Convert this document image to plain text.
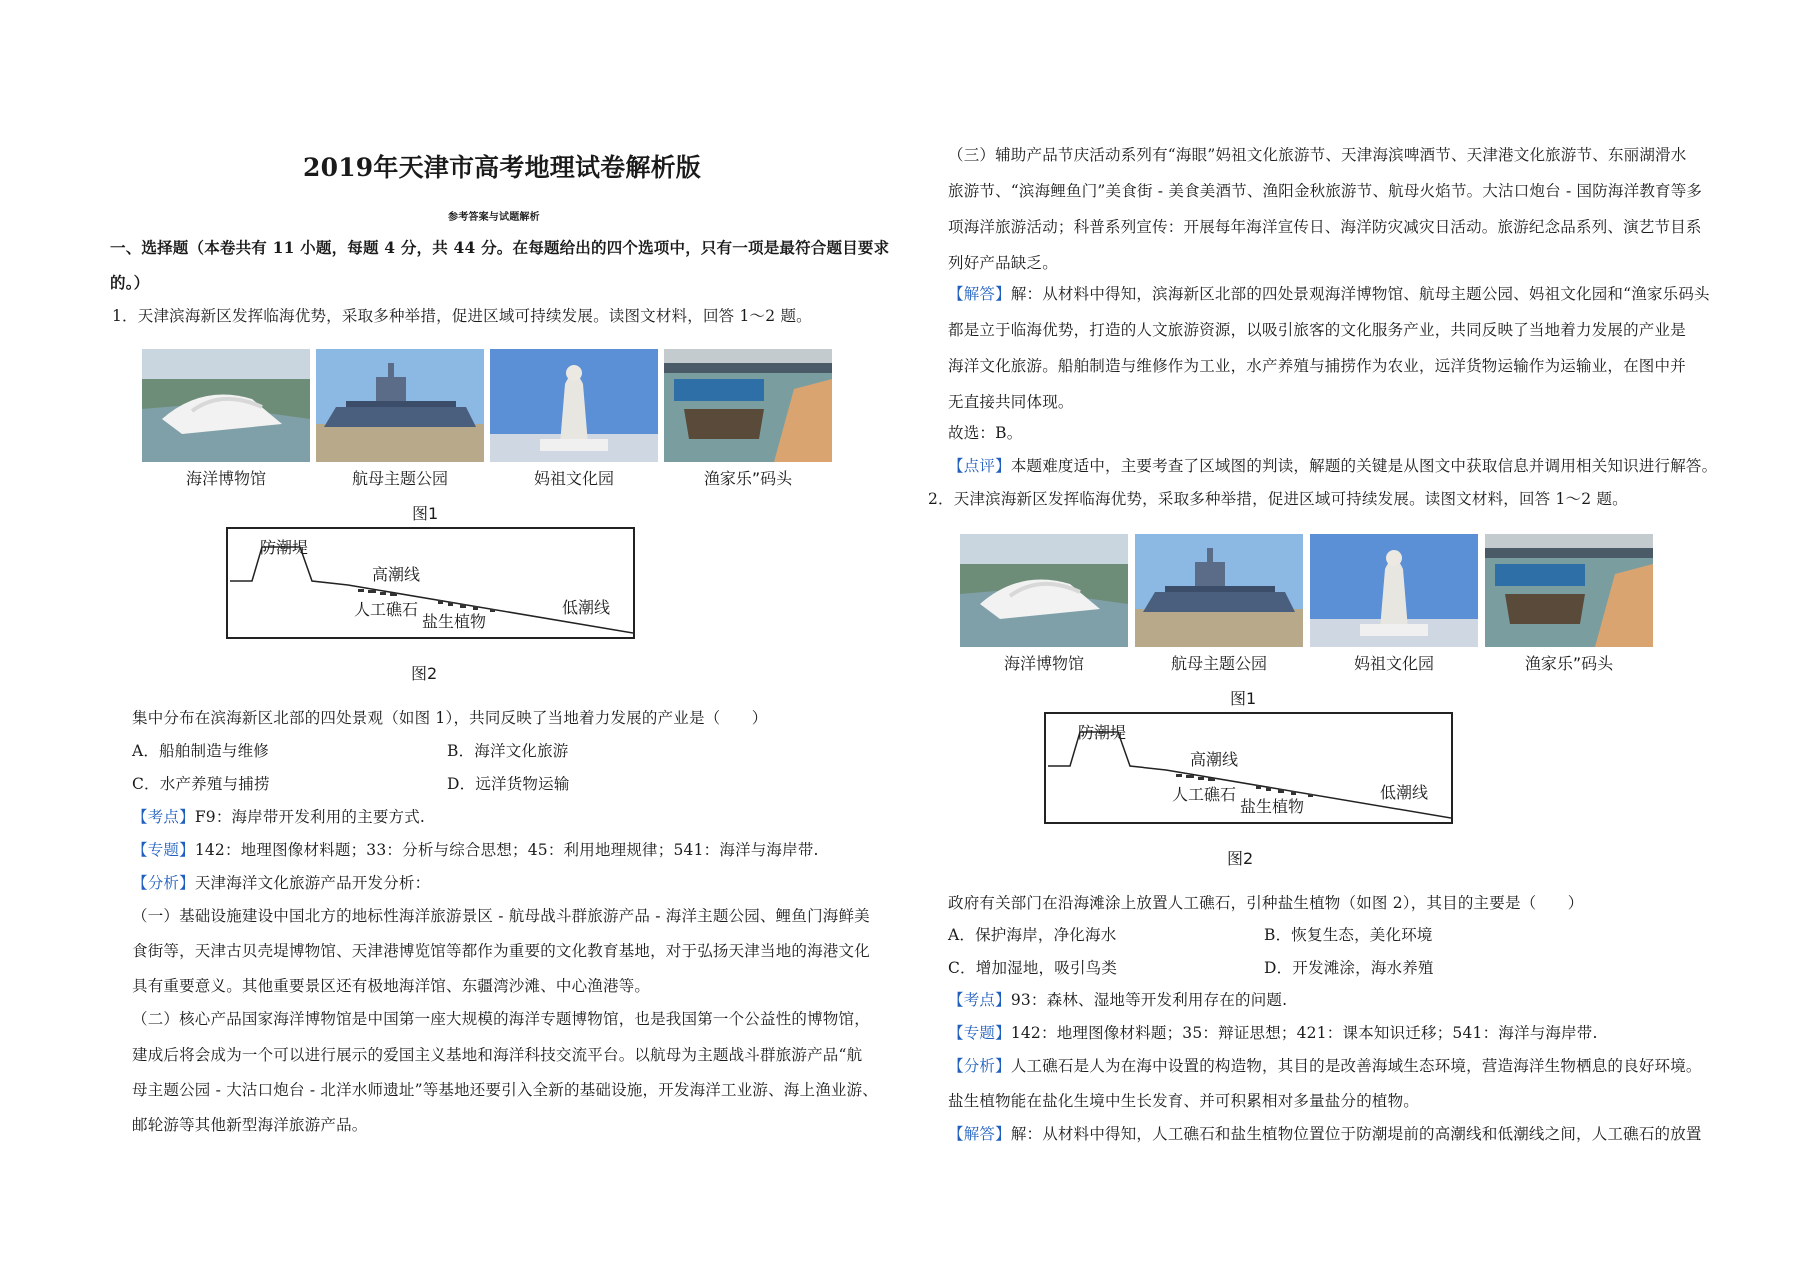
2019年天津市高考地理试卷解析版
参考答案与试题解析
一、选择题（本卷共有 11 小题，每题 4 分，共 44 分。在每题给出的四个选项中，只有一项是最符合题目要求
的。）
1．天津滨海新区发挥临海优势，采取多种举措，促进区域可持续发展。读图文材料，回答 1～2 题。
海洋博物馆	航母主题公园	妈祖文化园	渔家乐”码头
图1
防潮堤
高潮线
人工礁石
盐生植物
低潮线
图2
集中分布在滨海新区北部的四处景观（如图 1），共同反映了当地着力发展的产业是（　　）
A．船舶制造与维修	B．海洋文化旅游
C．水产养殖与捕捞	D．远洋货物运输
【考点】F9：海岸带开发利用的主要方式.
【专题】142：地理图像材料题；33：分析与综合思想；45：利用地理规律；541：海洋与海岸带.
【分析】天津海洋文化旅游产品开发分析：
（一）基础设施建设中国北方的地标性海洋旅游景区 - 航母战斗群旅游产品 - 海洋主题公园、鲤鱼门海鲜美
食街等，天津古贝壳堤博物馆、天津港博览馆等都作为重要的文化教育基地，对于弘扬天津当地的海港文化
具有重要意义。其他重要景区还有极地海洋馆、东疆湾沙滩、中心渔港等。
（二）核心产品国家海洋博物馆是中国第一座大规模的海洋专题博物馆，也是我国第一个公益性的博物馆，
建成后将会成为一个可以进行展示的爱国主义基地和海洋科技交流平台。以航母为主题战斗群旅游产品“航
母主题公园 - 大沽口炮台 - 北洋水师遗址”等基地还要引入全新的基础设施，开发海洋工业游、海上渔业游、
邮轮游等其他新型海洋旅游产品。
（三）辅助产品节庆活动系列有“海眼”妈祖文化旅游节、天津海滨啤酒节、天津港文化旅游节、东丽湖滑水
旅游节、“滨海鲤鱼门”美食街 - 美食美酒节、渔阳金秋旅游节、航母火焰节。大沽口炮台 - 国防海洋教育等多
项海洋旅游活动；科普系列宣传：开展每年海洋宣传日、海洋防灾减灾日活动。旅游纪念品系列、演艺节目系
列好产品缺乏。
【解答】解：从材料中得知，滨海新区北部的四处景观海洋博物馆、航母主题公园、妈祖文化园和“渔家乐码头
都是立于临海优势，打造的人文旅游资源，以吸引旅客的文化服务产业，共同反映了当地着力发展的产业是
海洋文化旅游。船舶制造与维修作为工业，水产养殖与捕捞作为农业，远洋货物运输作为运输业，在图中并
无直接共同体现。
故选：B。
【点评】本题难度适中，主要考查了区域图的判读，解题的关键是从图文中获取信息并调用相关知识进行解答。
2．天津滨海新区发挥临海优势，采取多种举措，促进区域可持续发展。读图文材料，回答 1～2 题。
海洋博物馆	航母主题公园	妈祖文化园	渔家乐”码头
图1
防潮堤
高潮线
人工礁石
盐生植物
低潮线
图2
政府有关部门在沿海滩涂上放置人工礁石，引种盐生植物（如图 2），其目的主要是（　　）
A．保护海岸，净化海水	B．恢复生态，美化环境
C．增加湿地，吸引鸟类	D．开发滩涂，海水养殖
【考点】93：森林、湿地等开发利用存在的问题.
【专题】142：地理图像材料题；35：辩证思想；421：课本知识迁移；541：海洋与海岸带.
【分析】人工礁石是人为在海中设置的构造物，其目的是改善海域生态环境，营造海洋生物栖息的良好环境。
盐生植物能在盐化生境中生长发育、并可积累相对多量盐分的植物。
【解答】解：从材料中得知，人工礁石和盐生植物位置位于防潮堤前的高潮线和低潮线之间，人工礁石的放置
